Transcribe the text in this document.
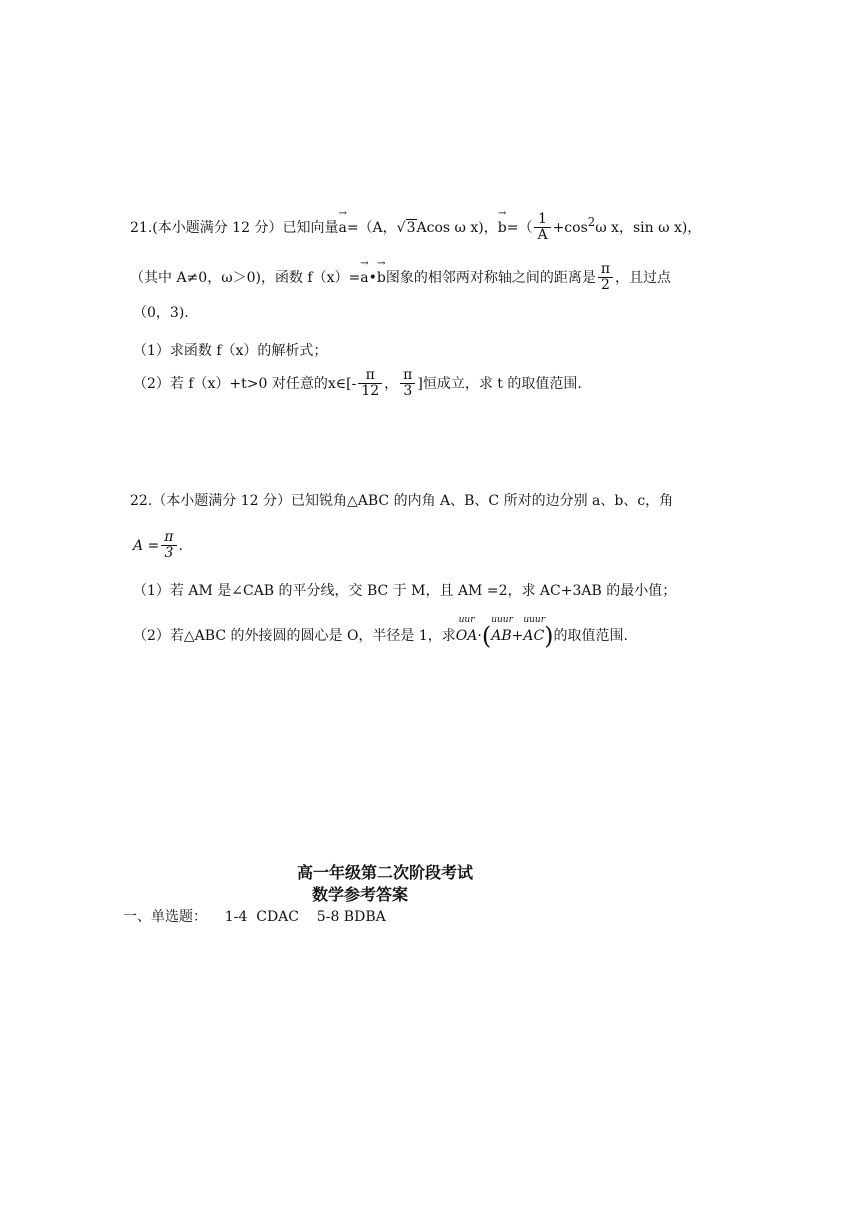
21.(本小题满分 12 分）已知向量
→
a=（A，√3Acos ω x)，
→
$b=( \frac{1}{A} +\cos^2\omega$ x，sin ω x)，
（其中 A≠0，ω＞0)，函数 f（x）=
→
a•
→
b图象的相邻两对称轴之间的距离是 $\frac{\pi}{2}$ ，且过点
（0，3).
（1）求函数 f（x）的解析式；
（2）若 f（x）+t>0 对任意的x∈[- $\frac{\pi}{12}$ ， $\frac{\pi}{3}$ ]恒成立，求 t 的取值范围.
22.（本小题满分 12 分）已知锐角△ABC 的内角 A、B、C 所对的边分别 a、b、c，角
$A = \frac{\pi}{3}$ .
（1）若 AM 是∠CAB 的平分线，交 BC 于 M，且 AM =2，求 AC+3AB 的最小值；
（2）若△ABC 的外接圆的圆心是 O，半径是 1，求
uur
OA·(
uuur
AB+
uuur
AC)的取值范围.
高一年级第二次阶段考试
数学参考答案
一、单选题：    1-4  CDAC    5-8 BDBA
